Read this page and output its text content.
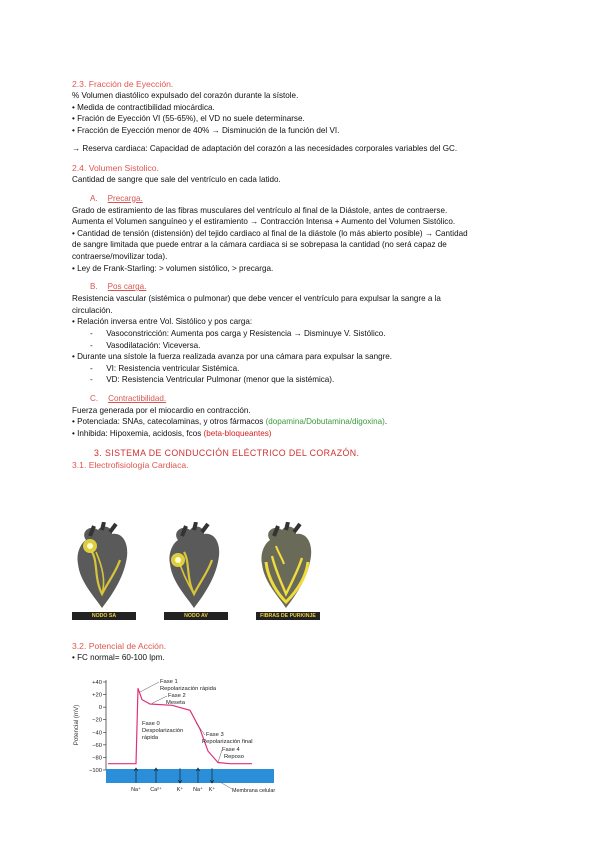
2.3. Fracción de Eyección.
% Volumen diastólico expulsado del corazón durante la sístole.
• Medida de contractibilidad miocárdica.
• Fración de Eyección VI (55-65%), el VD no suele determinarse.
• Fracción de Eyección menor de 40% → Disminución de la función del VI.
→ Reserva cardiaca: Capacidad de adaptación del corazón a las necesidades corporales variables del GC.
2.4. Volumen Sistolico.
Cantidad de sangre que sale del ventrículo en cada latido.
A. Precarga.
Grado de estiramiento de las fibras musculares del ventrículo al final de la Diástole, antes de contraerse.
Aumenta el Volumen sanguíneo y el estiramiento → Contracción Intensa + Aumento del Volumen Sistólico.
• Cantidad de tensión (distensión) del tejido cardiaco al final de la diástole (lo más abierto posible) → Cantidad
de sangre limitada que puede entrar a la cámara cardiaca si se sobrepasa la cantidad (no será capaz de
contraerse/movilizar toda).
• Ley de Frank-Starling: > volumen sistólico, > precarga.
B. Pos carga.
Resistencia vascular (sistémica o pulmonar) que debe vencer el ventrículo para expulsar la sangre a la
circulación.
• Relación inversa entre Vol. Sistólico y pos carga:
-      Vasoconstricción: Aumenta pos carga y Resistencia → Disminuye V. Sistólico.
-      Vasodilatación: Viceversa.
• Durante una sístole la fuerza realizada avanza por una cámara para expulsar la sangre.
-      VI: Resistencia ventricular Sistémica.
-      VD: Resistencia Ventricular Pulmonar (menor que la sistémica).
C. Contractibilidad.
Fuerza generada por el miocardio en contracción.
• Potenciada: SNAs, catecolaminas, y otros fármacos (dopamina/Dobutamina/digoxina).
• Inhibida: Hipoxemia, acidosis, fcos (beta-bloqueantes)
3. SISTEMA DE CONDUCCIÓN ELÉCTRICO DEL CORAZÓN.
3.1. Electrofisiología Cardiaca.
NODO SA	NODO AV	FIBRAS DE PURKINJE
3.2. Potencial de Acción.
• FC normal= 60-100 lpm.
Potencial (mV)
+40
+20
0
−20
−40
−60
−80
−100
Fase 1
Repolarización rápida
Fase 2
Meseta
Fase 0
Despolarización
rápida	Fase 3
Repolarización final
Fase 4
Reposo
Na⁺ Ca²⁺	K⁺ Na⁺ K⁺	Membrana celular
